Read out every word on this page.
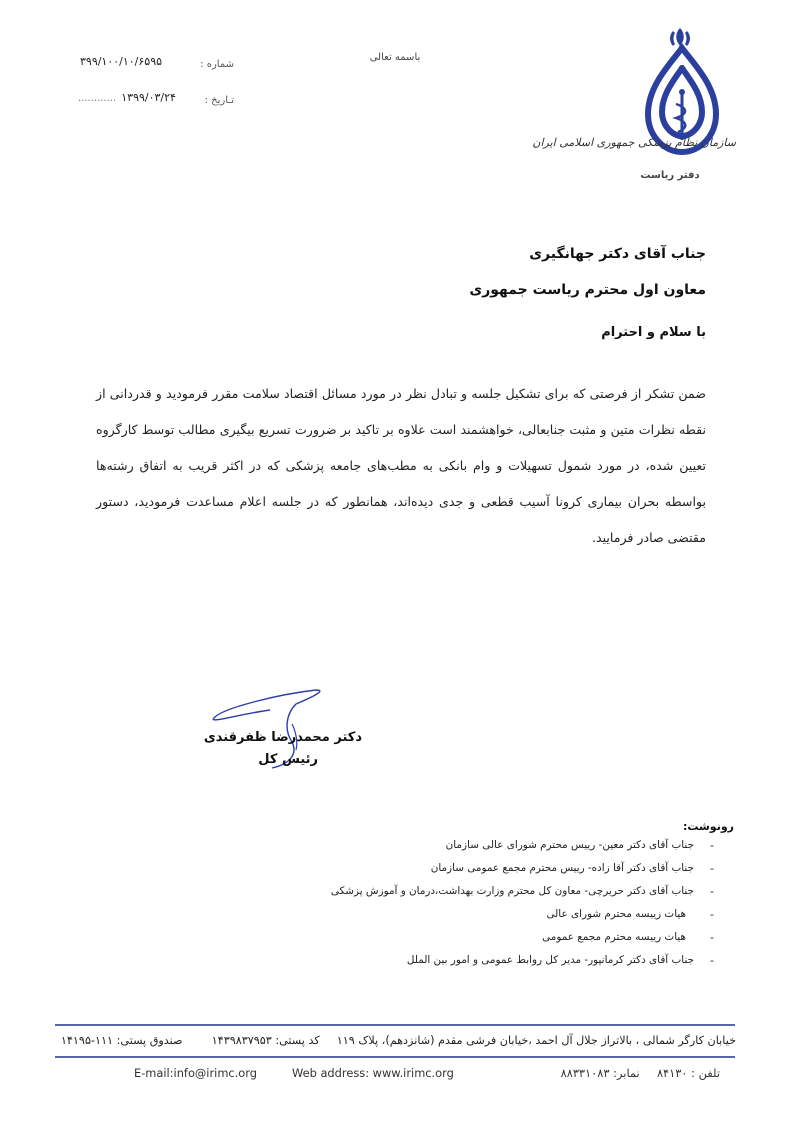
باسمه تعالی
شماره :
۳۹۹/۱۰۰/۱۰/۶۵۹۵
تـاریخ :
............ ۱۳۹۹/۰۳/۲۴
سازمان نظام پزشکی جمهوری اسلامی ایران
دفتر ریاست
جناب آقای دکتر جهانگیری
معاون اول محترم ریاست جمهوری
با سلام و احترام

ضمن تشکر از فرصتی که برای تشکیل جلسه و تبادل نظر در مورد مسائل اقتصاد سلامت مقرر فرمودید و قدردانی از نقطه نظرات متین و مثبت جنابعالی، خواهشمند است علاوه بر تاکید بر ضرورت تسریع بیگیری مطالب توسط کارگروه تعیین شده، در مورد شمول تسهیلات و وام بانکی به مطب‌های جامعه پزشکی که در اکثر قریب به اتفاق رشته‌ها بواسطه بحران بیماری کرونا آسیب قطعی و جدی دیده‌اند، همانطور که در جلسه اعلام مساعدت فرمودید، دستور مقتضی صادر فرمایید.

دکتر محمدرضا ظفرقندی
رئیس کل
رونوشت:
-
جناب آقای دکتر معین- رییس محترم شورای عالی سازمان
-
جناب آقای دکتر آقا زاده- رییس محترم مجمع عمومی سازمان
-
جناب آقای دکتر حریرچی- معاون کل محترم وزارت بهداشت،درمان و آموزش پزشکی
-
هیات رییسه محترم شورای عالی
-
هیات رییسه محترم مجمع عمومی
-
جناب آقای دکتر کرمانپور- مدیر کل روابط عمومی و امور بین الملل
خیابان کارگر شمالی ، بالاتراز جلال آل احمد ،خیابان فرشی مقدم (شانزدهم)، پلاک ۱۱۹  کد پستی: ۱۴۳۹۸۳۷۹۵۳  صندوق پستی: ۱۱۱-۱۴۱۹۵
تلفن : ۸۴۱۳۰  نمابر: ۸۸۳۳۱۰۸۳
Web address: www.irimc.org
E-mail:info@irimc.org
